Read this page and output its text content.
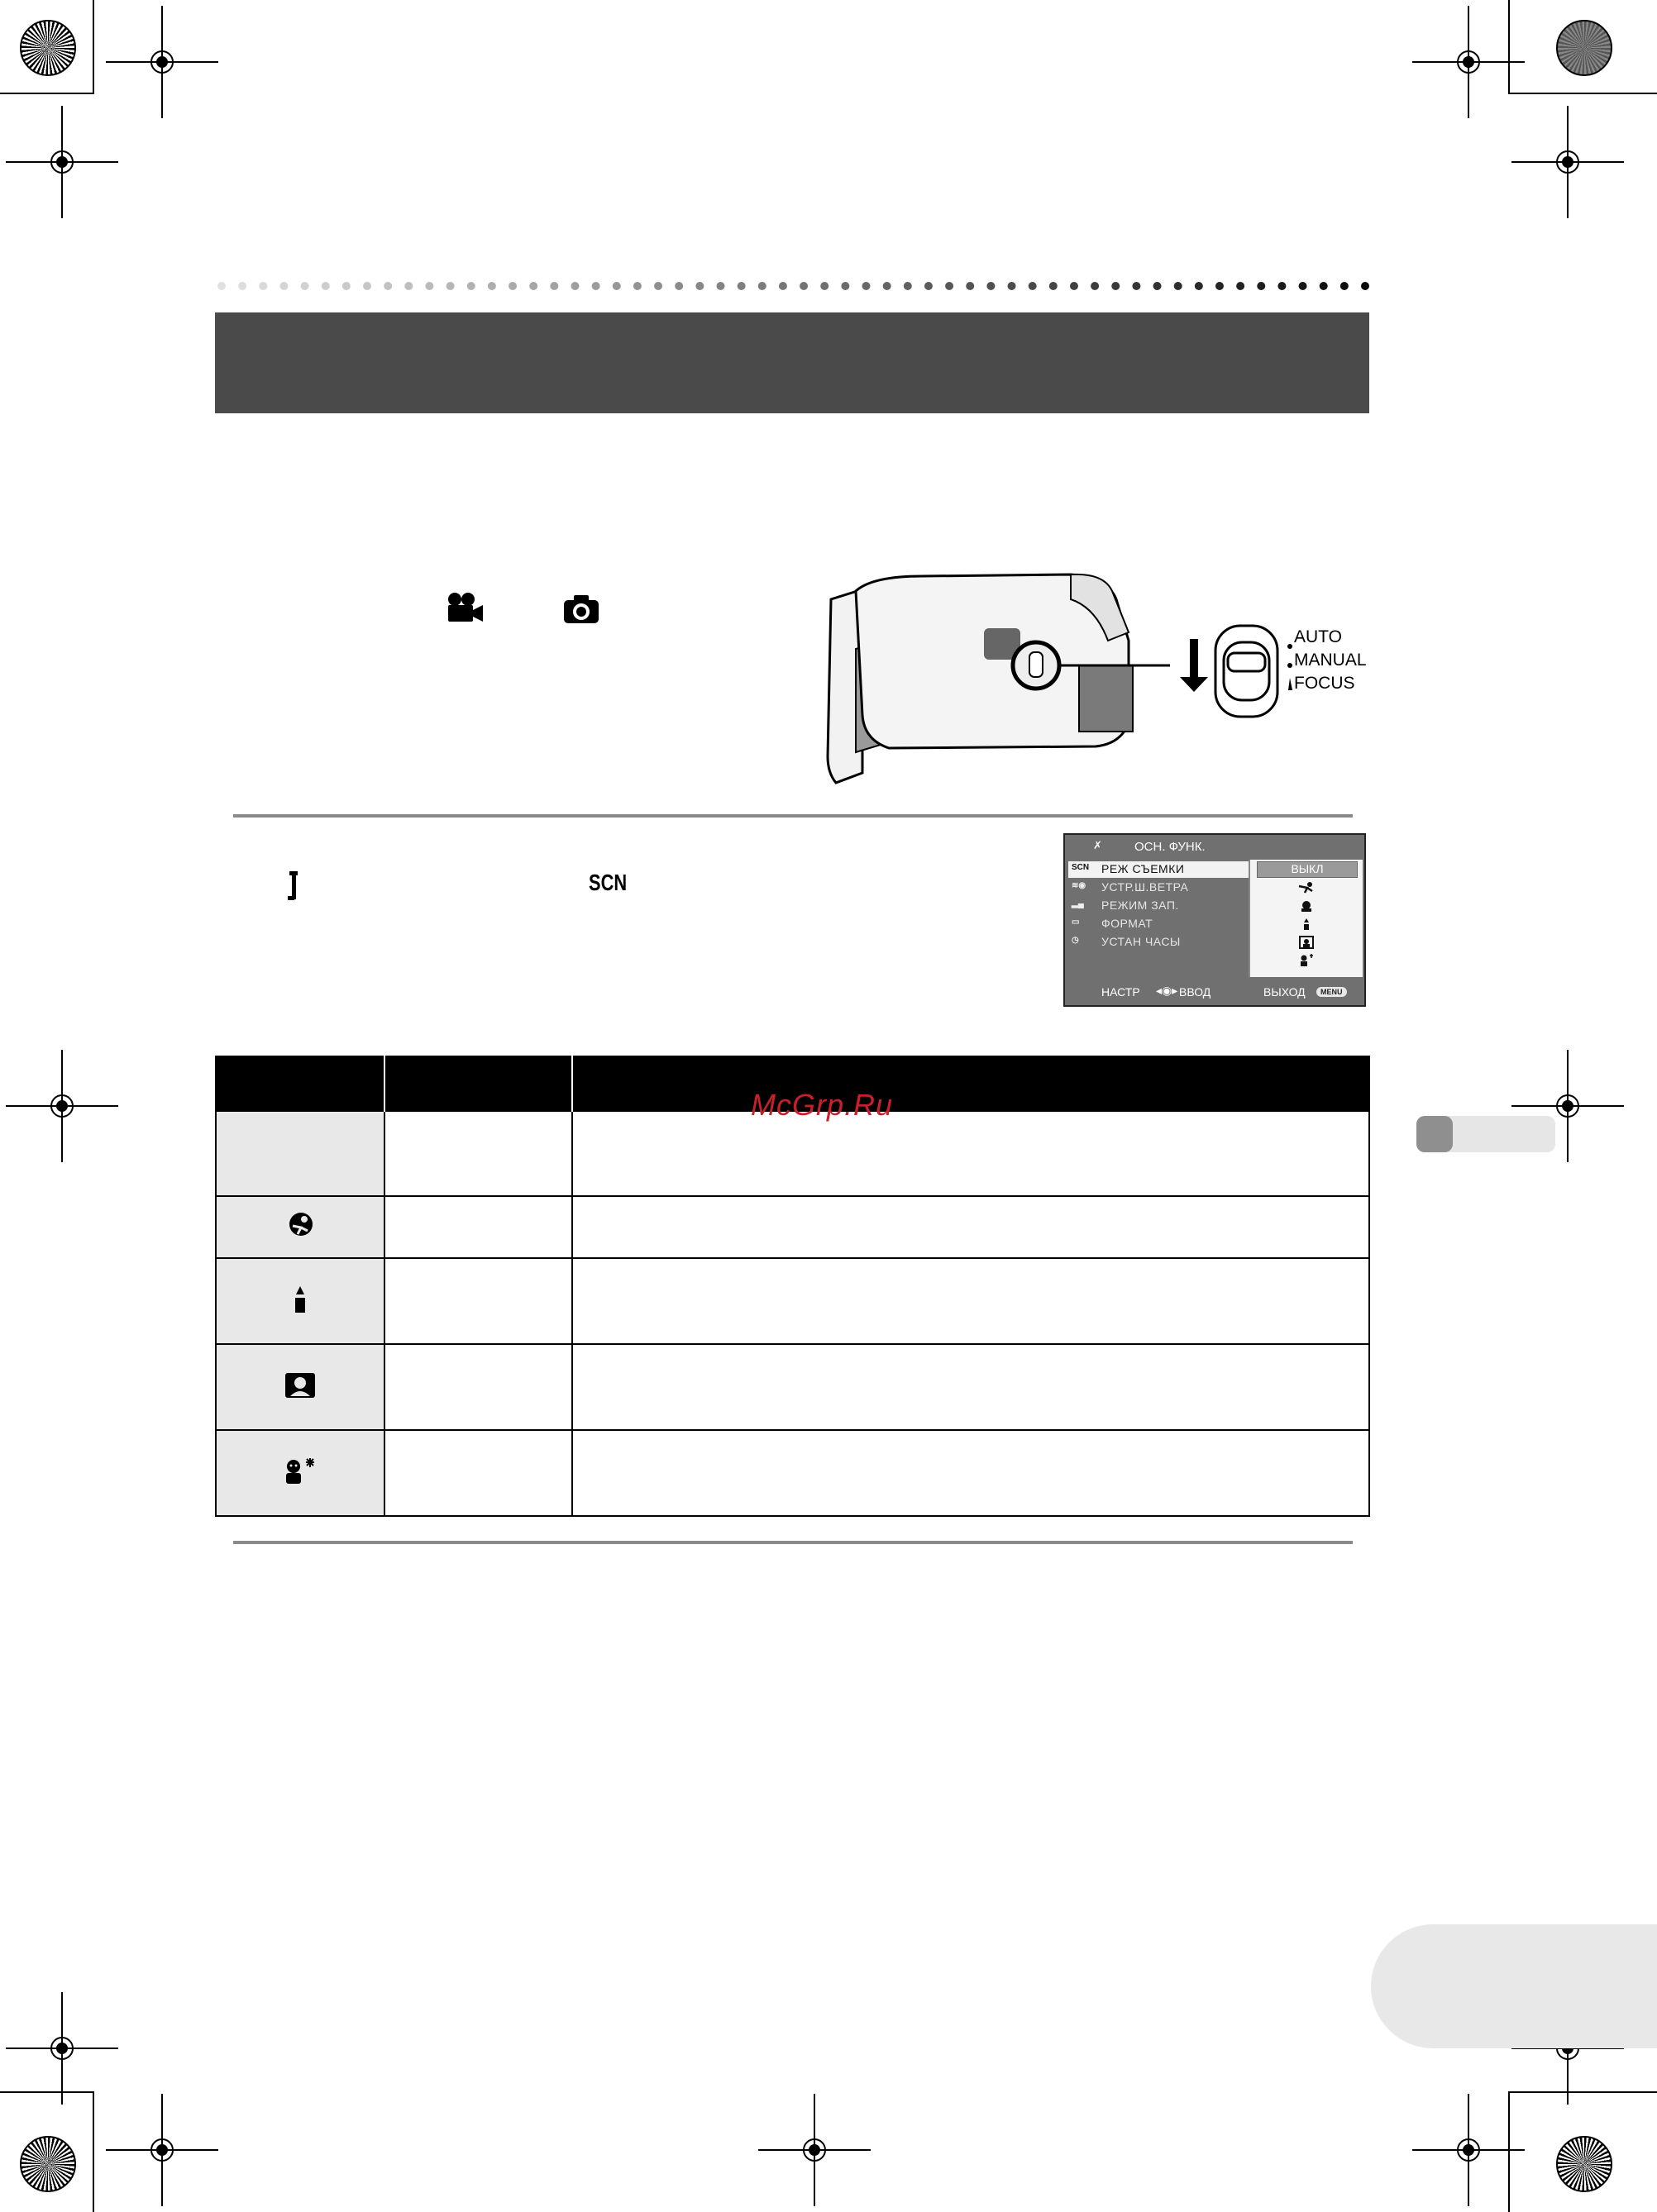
AUTO
MANUAL
FOCUS
SCN
✗	ОСН. ФУНК.
SCN	РЕЖ СЪЕМКИ
≋◉	УСТР.Ш.ВЕТРА
▂▄	РЕЖИМ ЗАП.
▭	ФОРМАТ
◷	УСТАН ЧАСЫ
ВЫКЛ
НАСТР ◂◉▸ ВВОД	ВЫХОД	MENU

McGrp.Ru
